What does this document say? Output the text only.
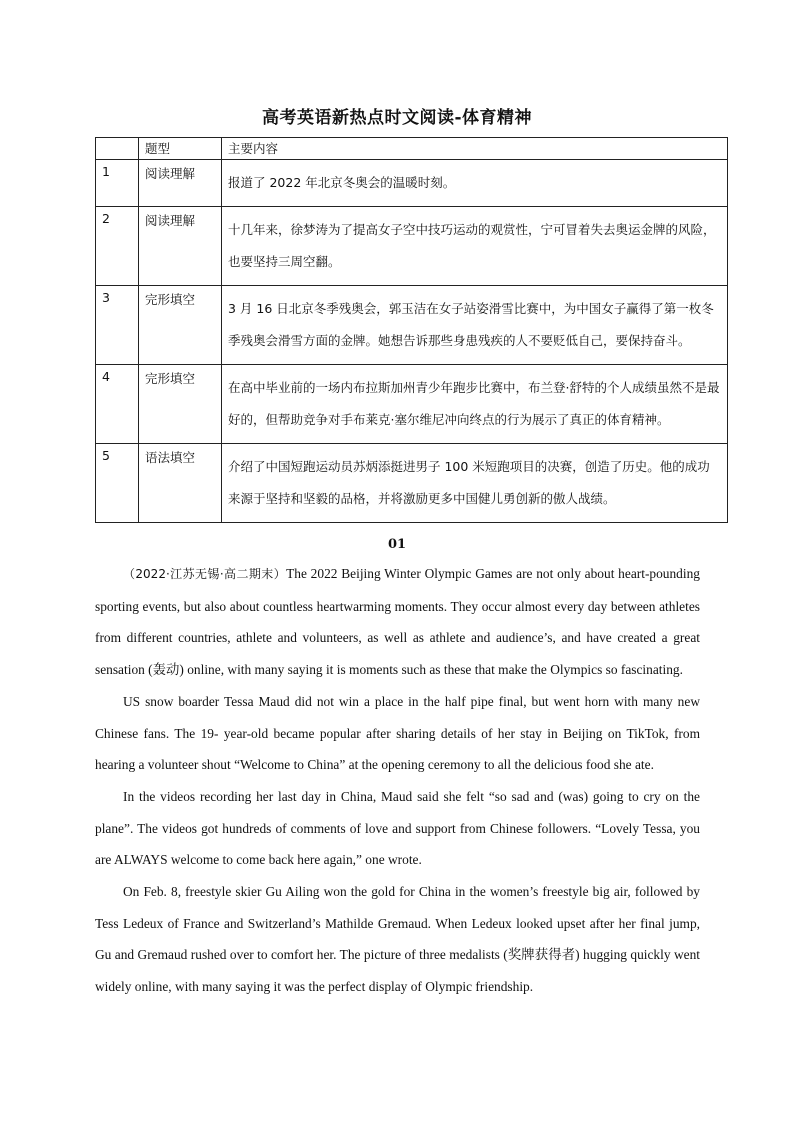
高考英语新热点时文阅读-体育精神
	题型	主要内容
1	阅读理解	报道了 2022 年北京冬奥会的温暖时刻。
2	阅读理解	十几年来，徐梦涛为了提高女子空中技巧运动的观赏性，宁可冒着失去奥运金牌的风险，也要坚持三周空翻。
3	完形填空	3 月 16 日北京冬季残奥会，郭玉洁在女子站姿滑雪比赛中，为中国女子赢得了第一枚冬季残奥会滑雪方面的金牌。她想告诉那些身患残疾的人不要贬低自己，要保持奋斗。
4	完形填空	在高中毕业前的一场内布拉斯加州青少年跑步比赛中，布兰登·舒特的个人成绩虽然不是最好的，但帮助竞争对手布莱克·塞尔维尼冲向终点的行为展示了真正的体育精神。
5	语法填空	介绍了中国短跑运动员苏炳添挺进男子 100 米短跑项目的决赛，创造了历史。他的成功来源于坚持和坚毅的品格，并将激励更多中国健儿勇创新的傲人战绩。
01

（2022·江苏无锡·高二期末）The 2022 Beijing Winter Olympic Games are not only about heart-pounding sporting events, but also about countless heartwarming moments. They occur almost every day between athletes from different countries, athlete and volunteers, as well as athlete and audience’s, and have created a great sensation (轰动) online, with many saying it is moments such as these that make the Olympics so fascinating.

US snow boarder Tessa Maud did not win a place in the half pipe final, but went horn with many new Chinese fans. The 19- year-old became popular after sharing details of her stay in Beijing on TikTok, from hearing a volunteer shout “Welcome to China” at the opening ceremony to all the delicious food she ate.

In the videos recording her last day in China, Maud said she felt “so sad and (was) going to cry on the plane”. The videos got hundreds of comments of love and support from Chinese followers. “Lovely Tessa, you are ALWAYS welcome to come back here again,” one wrote.

On Feb. 8, freestyle skier Gu Ailing won the gold for China in the women’s freestyle big air, followed by Tess Ledeux of France and Switzerland’s Mathilde Gremaud. When Ledeux looked upset after her final jump, Gu and Gremaud rushed over to comfort her. The picture of three medalists (奖牌获得者) hugging quickly went widely online, with many saying it was the perfect display of Olympic friendship.
